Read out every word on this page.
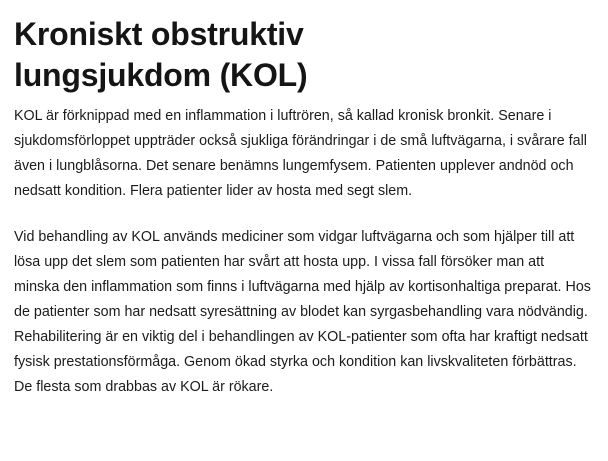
Kroniskt obstruktiv
lungsjukdom (KOL)

KOL är förknippad med en inflammation i luftrören, så kallad kronisk bronkit. Senare i sjukdomsförloppet uppträder också sjukliga förändringar i de små luftvägarna, i svårare fall även i lungblåsorna. Det senare benämns lungemfysem. Patienten upplever andnöd och nedsatt kondition. Flera patienter lider av hosta med segt slem.

Vid behandling av KOL används mediciner som vidgar luftvägarna och som hjälper till att lösa upp det slem som patienten har svårt att hosta upp. I vissa fall försöker man att minska den inflammation som finns i luftvägarna med hjälp av kortisonhaltiga preparat. Hos de patienter som har nedsatt syresättning av blodet kan syrgasbehandling vara nödvändig. Rehabilitering är en viktig del i behandlingen av KOL-patienter som ofta har kraftigt nedsatt fysisk prestationsförmåga. Genom ökad styrka och kondition kan livskvaliteten förbättras. De flesta som drabbas av KOL är rökare.
